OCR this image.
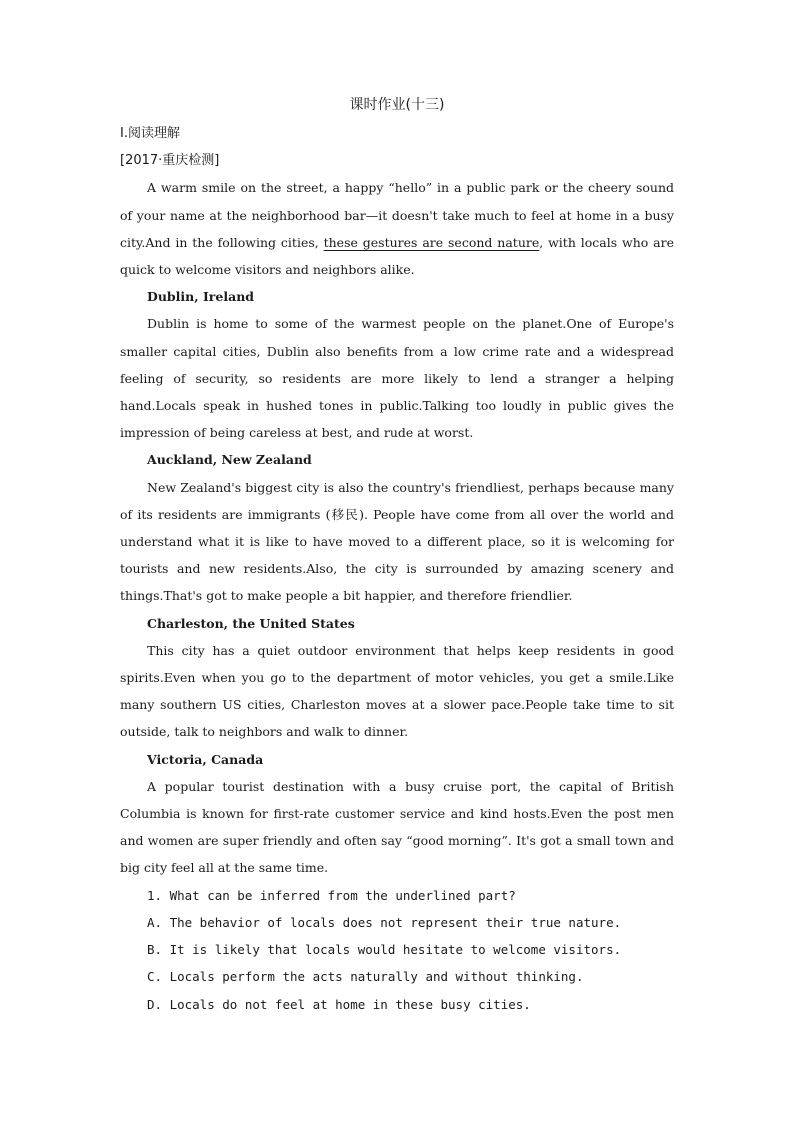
课时作业(十三)
Ⅰ.阅读理解
[2017·重庆检测]

A warm smile on the street, a happy “hello” in a public park or the cheery sound of your name at the neighborhood bar—it doesn't take much to feel at home in a busy city.And in the following cities, these gestures are second nature, with locals who are quick to welcome visitors and neighbors alike.

Dublin, Ireland

Dublin is home to some of the warmest people on the planet.One of Europe's smaller capital cities, Dublin also benefits from a low crime rate and a widespread feeling of security, so residents are more likely to lend a stranger a helping hand.Locals speak in hushed tones in public.Talking too loudly in public gives the impression of being careless at best, and rude at worst.

Auckland, New Zealand

New Zealand's biggest city is also the country's friendliest, perhaps because many of its residents are immigrants (移民). People have come from all over the world and understand what it is like to have moved to a different place, so it is welcoming for tourists and new residents.Also, the city is surrounded by amazing scenery and things.That's got to make people a bit happier, and therefore friendlier.

Charleston, the United States

This city has a quiet outdoor environment that helps keep residents in good spirits.Even when you go to the department of motor vehicles, you get a smile.Like many southern US cities, Charleston moves at a slower pace.People take time to sit outside, talk to neighbors and walk to dinner.

Victoria, Canada

A popular tourist destination with a busy cruise port, the capital of British Columbia is known for first-rate customer service and kind hosts.Even the post men and women are super friendly and often say “good morning”. It's got a small town and big city feel all at the same time.

1. What can be inferred from the underlined part?

A. The behavior of locals does not represent their true nature.

B. It is likely that locals would hesitate to welcome visitors.

C. Locals perform the acts naturally and without thinking.

D. Locals do not feel at home in these busy cities.
